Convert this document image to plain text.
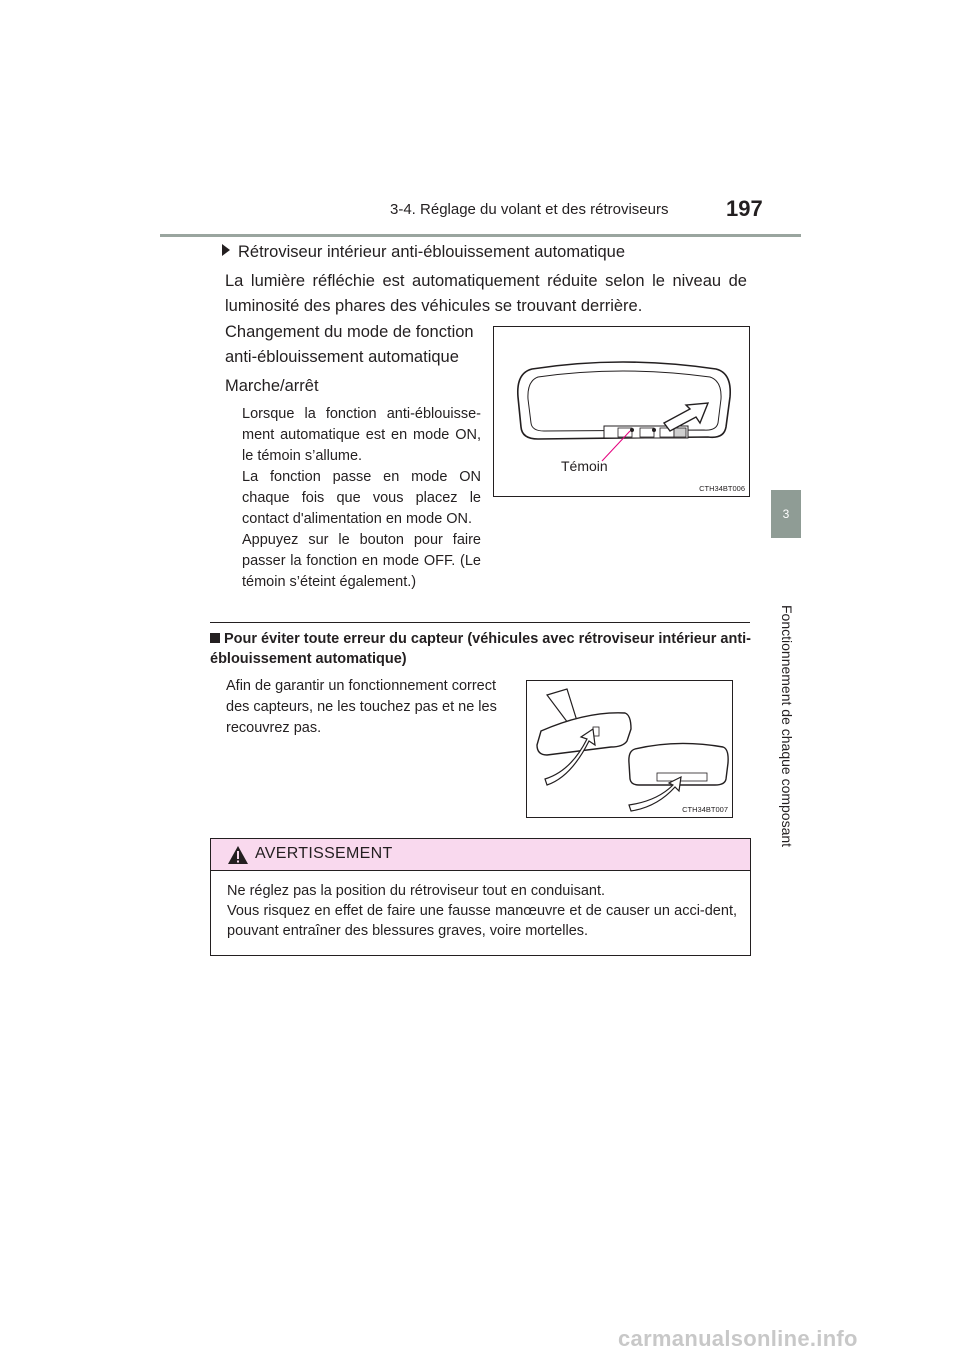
3-4. Réglage du volant et des rétroviseurs	197
3
Fonctionnement de chaque composant
Rétroviseur intérieur anti-éblouissement automatique
La lumière réfléchie est automatiquement réduite selon le niveau de luminosité des phares des véhicules se trouvant derrière.

Changement du mode de fonction anti-éblouissement automatique

Marche/arrêt

Lorsque la fonction anti-éblouisse-ment automatique est en mode ON, le témoin s’allume.

La fonction passe en mode ON chaque fois que vous placez le contact d'alimentation en mode ON.

Appuyez sur le bouton pour faire passer la fonction en mode OFF. (Le témoin s’éteint également.)

Témoin
CTH34BT006
Pour éviter toute erreur du capteur (véhicules avec rétroviseur intérieur anti-éblouissement automatique)
Afin de garantir un fonctionnement correct des capteurs, ne les touchez pas et ne les recouvrez pas.
CTH34BT007
AVERTISSEMENT
Ne réglez pas la position du rétroviseur tout en conduisant.
Vous risquez en effet de faire une fausse manœuvre et de causer un acci-dent, pouvant entraîner des blessures graves, voire mortelles.
carmanualsonline.info
